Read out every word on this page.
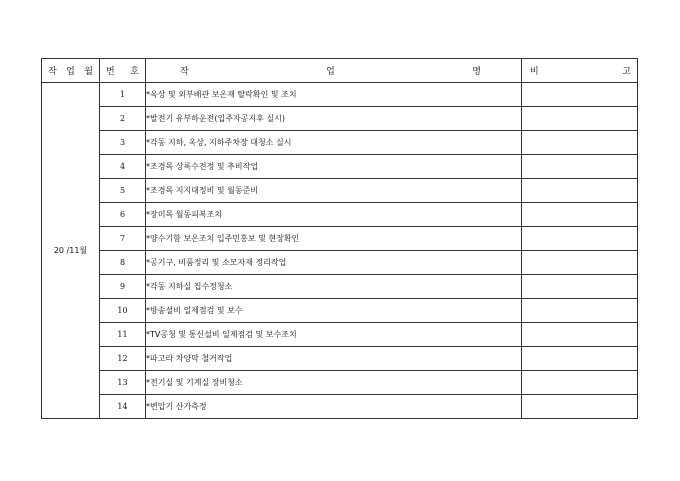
작 업 월	번 호	작 업 명	비 고

20 /11월	1	*옥상 및 외부배관 보온재 탈락확인 및 조치	
	2	*발전기 유부하운전(입주자공지후 실시)	
	3	*각동 지하, 옥상, 지하주차장 대청소 실시	
	4	*조경목 상록수전정 및 추비작업	
	5	*조경목 지지대정비 및 월동준비	
	6	*장미목 월동피복조치	
	7	*양수기함 보온조치 입주민홍보 및 현장확인	
	8	*공기구, 비품정리 및 소모자재 정리작업	
	9	*각동 지하실 집수정청소	
	10	*방송설비 일제점검 및 보수	
	11	*TV공청 및 통신설비 일제점검 및 보수조치	
	12	*파고라 차양막 철거작업	
	13	*전기실 및 기계실 장비청소	
	14	*변압기 산가측정	
